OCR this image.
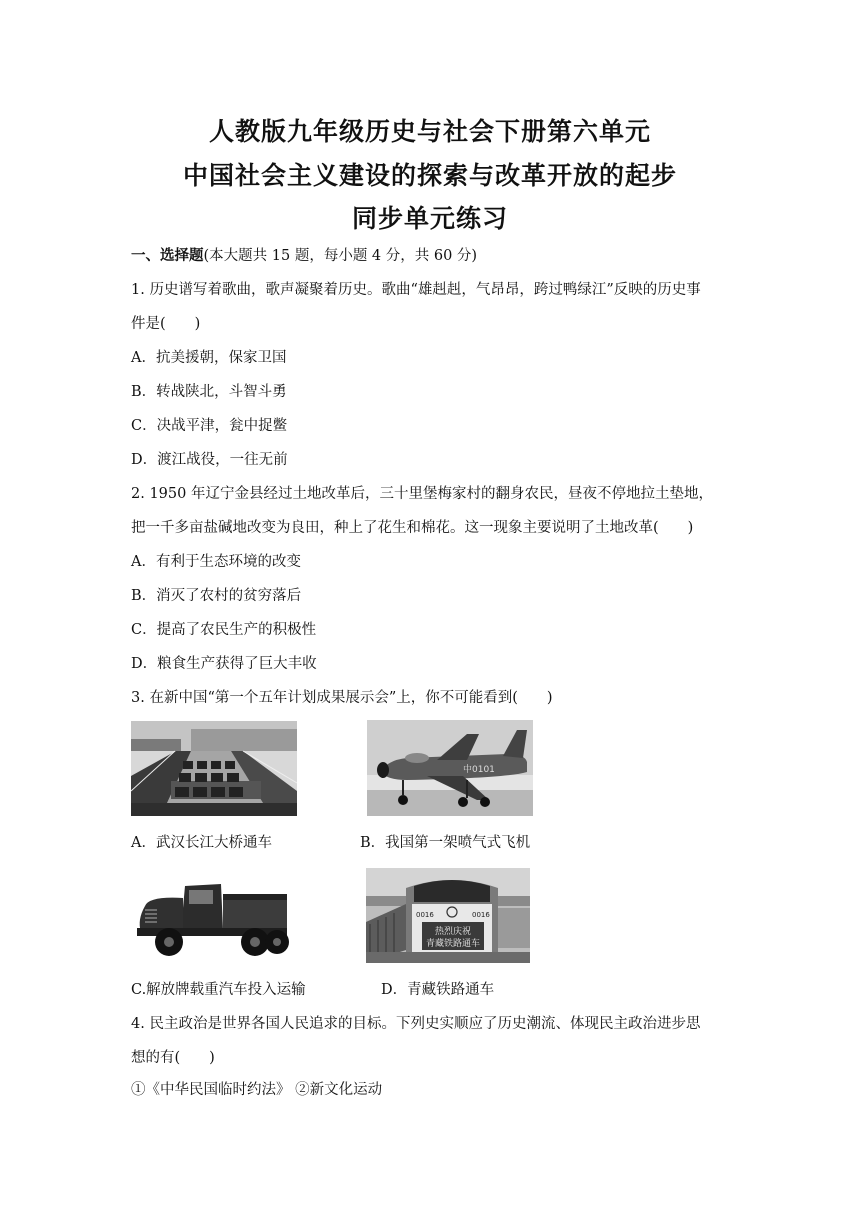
人教版九年级历史与社会下册第六单元
中国社会主义建设的探索与改革开放的起步
同步单元练习
一、选择题(本大题共 15 题，每小题 4 分，共 60 分)
1. 历史谱写着歌曲，歌声凝聚着历史。歌曲“雄赳赳，气昂昂，跨过鸭绿江”反映的历史事
件是(　　)
A．抗美援朝，保家卫国
B．转战陕北，斗智斗勇
C．决战平津，瓮中捉鳖
D．渡江战役，一往无前
2. 1950 年辽宁金县经过土地改革后，三十里堡梅家村的翻身农民，昼夜不停地拉土垫地，
把一千多亩盐碱地改变为良田，种上了花生和棉花。这一现象主要说明了土地改革(　　)
A．有利于生态环境的改变
B．消灭了农村的贫穷落后
C．提高了农民生产的积极性
D．粮食生产获得了巨大丰收
3. 在新中国“第一个五年计划成果展示会”上，你不可能看到(　　)
中0101
A．武汉长江大桥通车	B．我国第一架喷气式飞机
0016	0016
热烈庆祝
青藏铁路通车
C.解放牌载重汽车投入运输	D．青藏铁路通车
4. 民主政治是世界各国人民追求的目标。下列史实顺应了历史潮流、体现民主政治进步思
想的有(　　)
①《中华民国临时约法》 ②新文化运动
